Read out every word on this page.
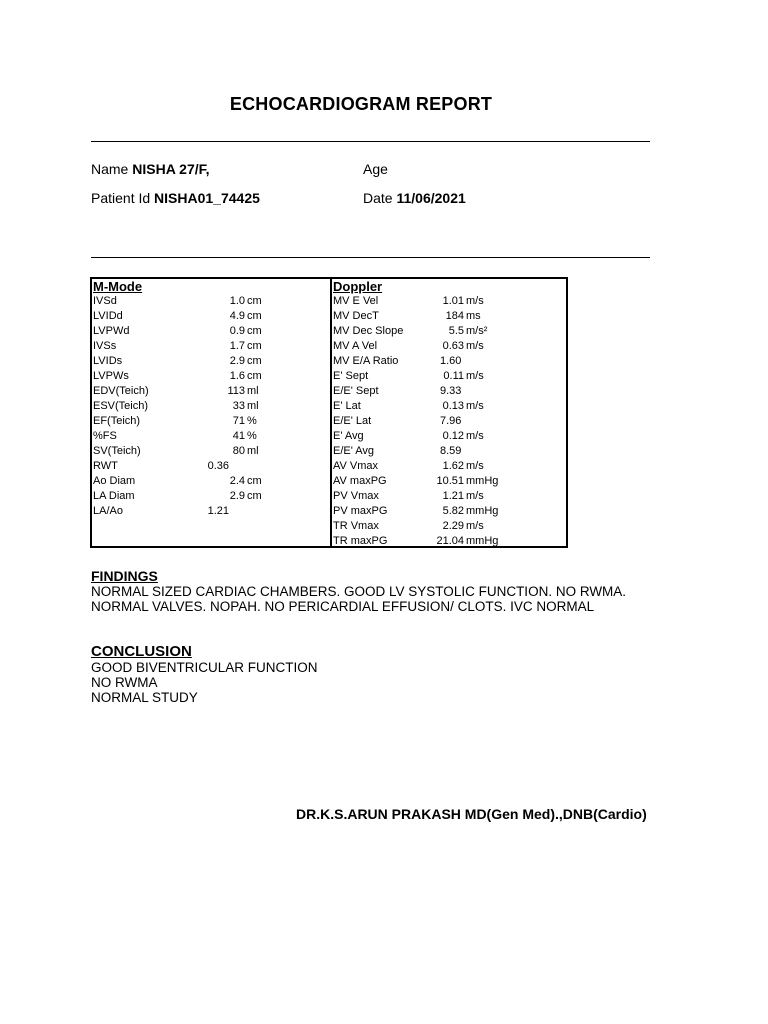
ECHOCARDIOGRAM REPORT
Name NISHA 27/F,	Age
Patient Id NISHA01_74425	Date 11/06/2021
M-Mode
IVSd	1.0 cm
LVIDd	4.9 cm
LVPWd	0.9 cm
IVSs	1.7 cm
LVIDs	2.9 cm
LVPWs	1.6 cm
EDV(Teich)	113 ml
ESV(Teich)	33 ml
EF(Teich)	71 %
%FS	41 %
SV(Teich)	80 ml
RWT	0.36
Ao Diam	2.4 cm
LA Diam	2.9 cm
LA/Ao	1.21
Doppler
MV E Vel	1.01 m/s
MV DecT	184 ms
MV Dec Slope	5.5 m/s²
MV A Vel	0.63 m/s
MV E/A Ratio	1.60
E' Sept	0.11 m/s
E/E' Sept	9.33
E' Lat	0.13 m/s
E/E' Lat	7.96
E' Avg	0.12 m/s
E/E' Avg	8.59
AV Vmax	1.62 m/s
AV maxPG	10.51 mmHg
PV Vmax	1.21 m/s
PV maxPG	5.82 mmHg
TR Vmax	2.29 m/s
TR maxPG	21.04 mmHg
FINDINGS
NORMAL SIZED CARDIAC CHAMBERS. GOOD LV SYSTOLIC FUNCTION. NO RWMA.
NORMAL VALVES. NOPAH. NO PERICARDIAL EFFUSION/ CLOTS. IVC NORMAL
CONCLUSION
GOOD BIVENTRICULAR FUNCTION
NO RWMA
NORMAL STUDY
DR.K.S.ARUN PRAKASH MD(Gen Med).,DNB(Cardio)
